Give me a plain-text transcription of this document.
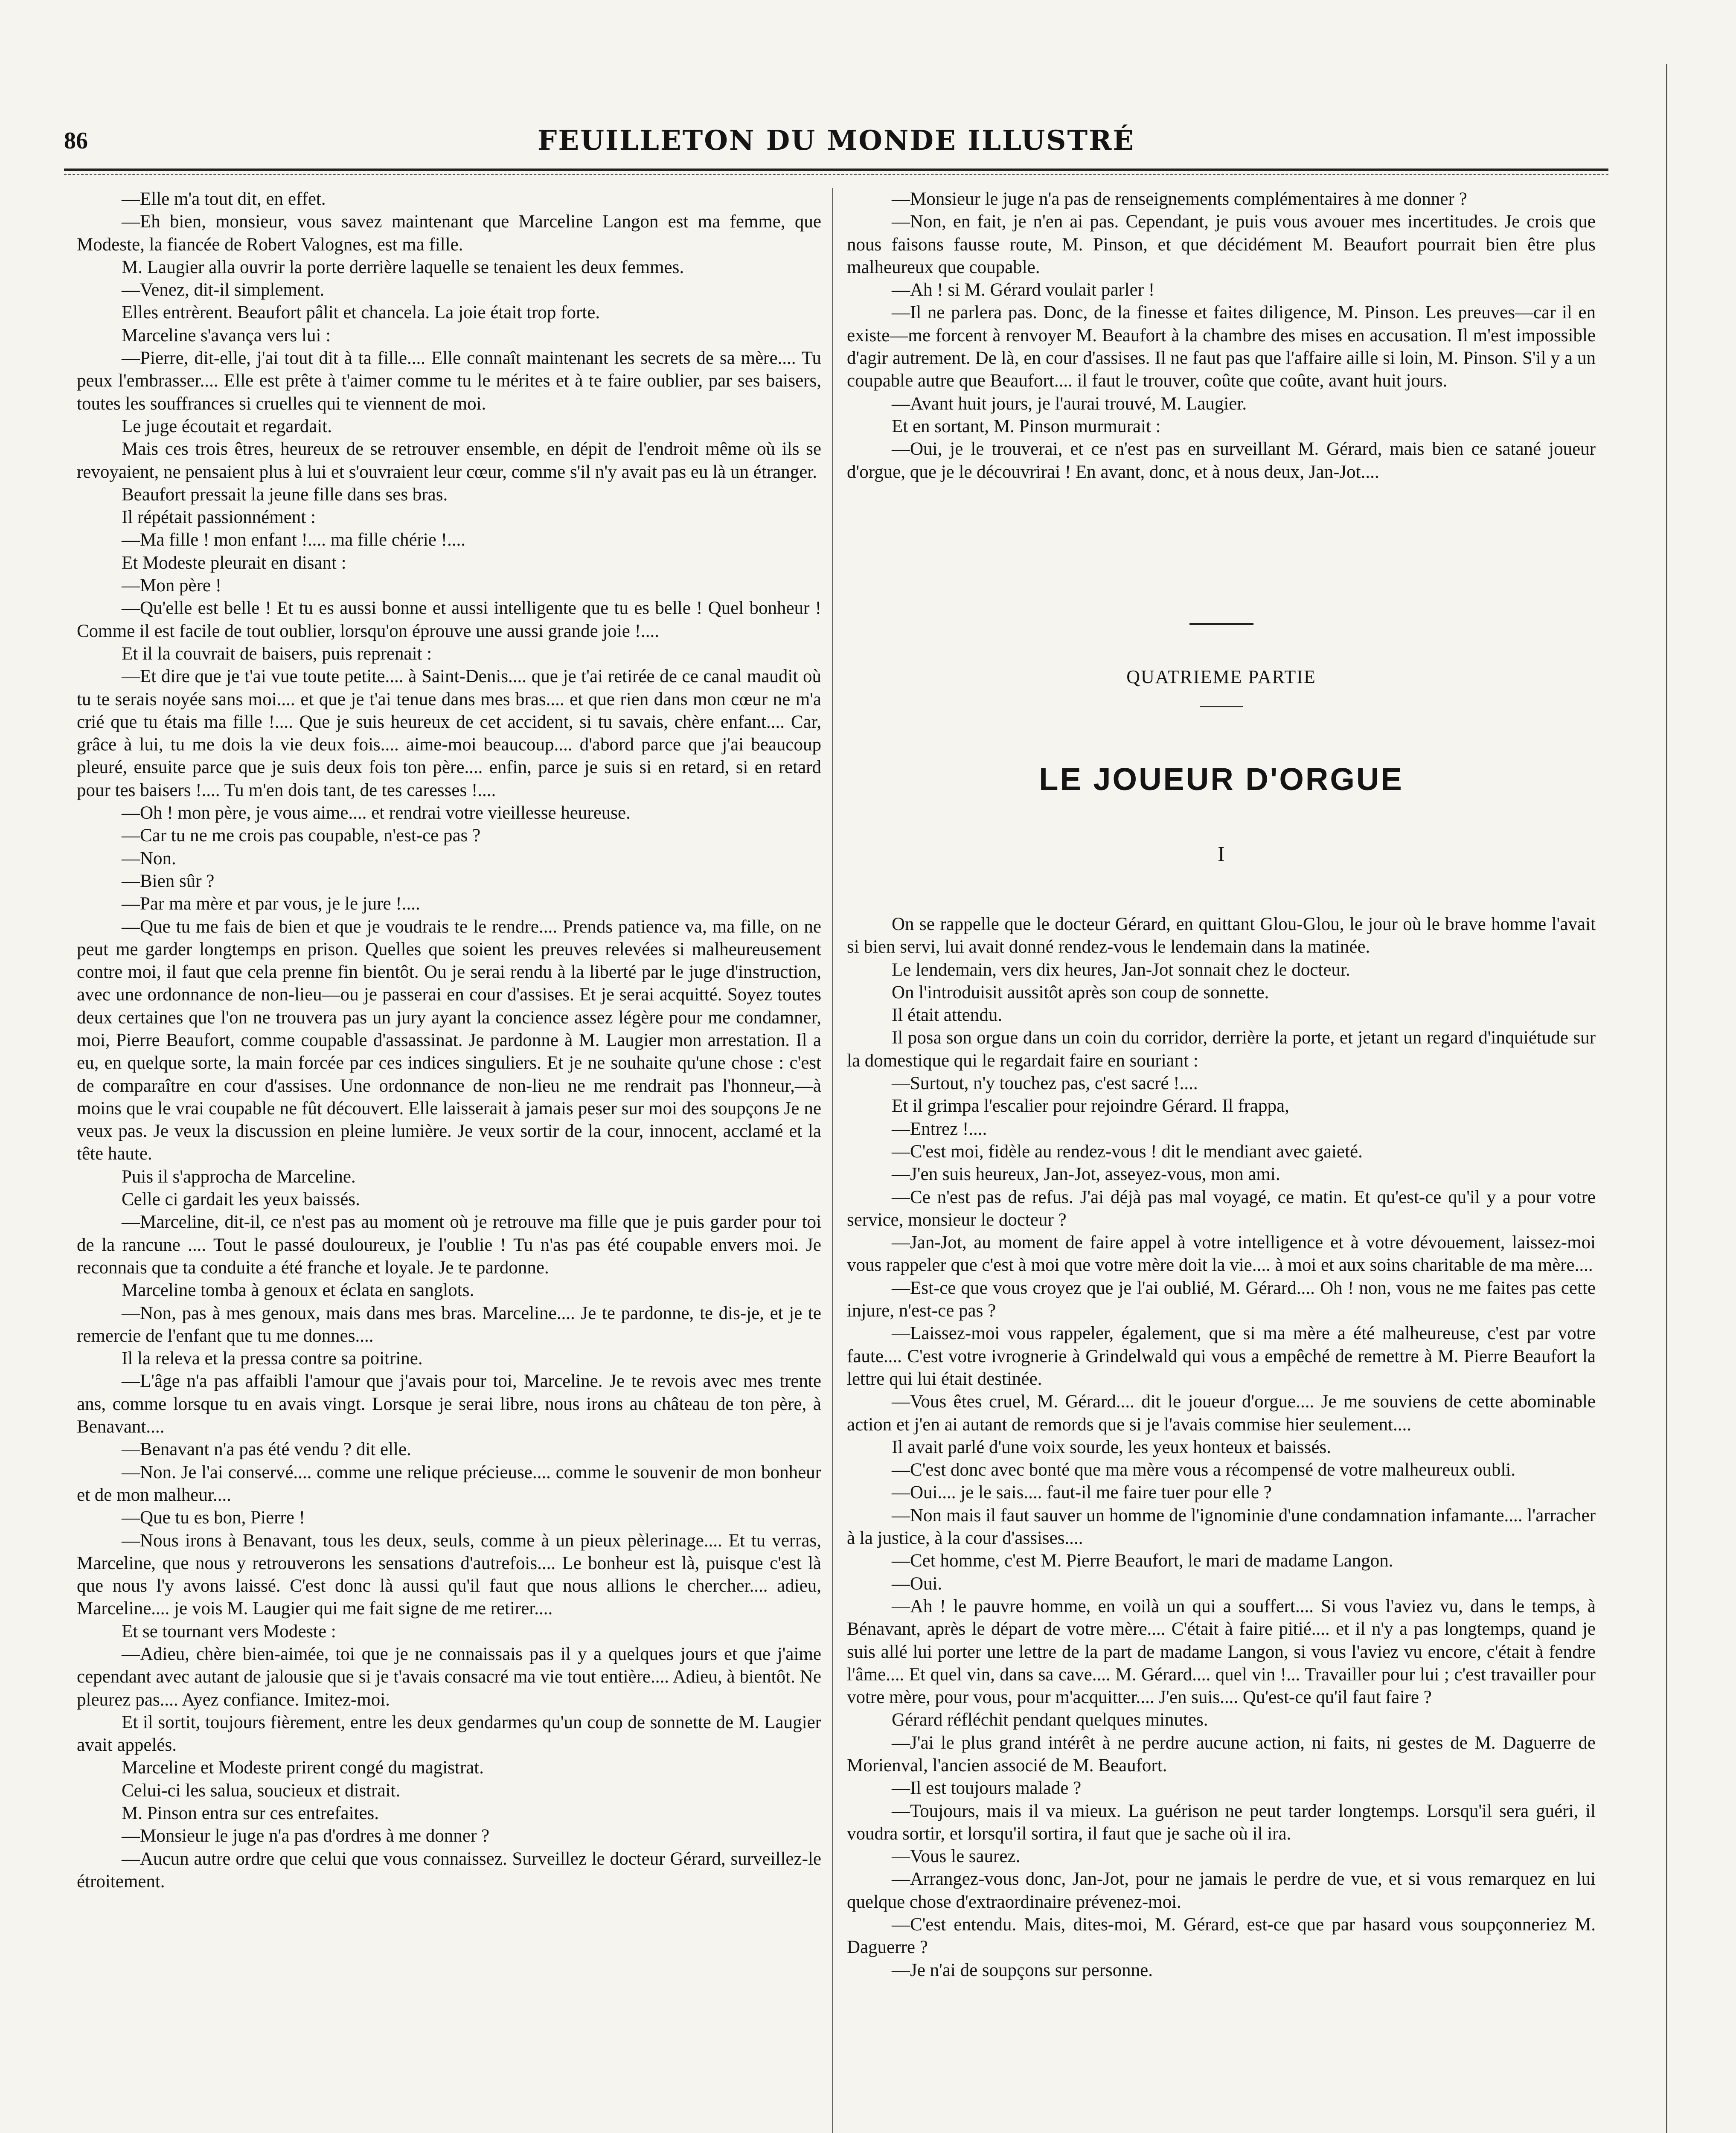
86	FEUILLETON DU MONDE ILLUSTRÉ

—Elle m'a tout dit, en effet.

—Eh bien, monsieur, vous savez maintenant que Marceline Langon est ma femme, que Modeste, la fiancée de Robert Valognes, est ma fille.

M. Laugier alla ouvrir la porte derrière laquelle se tenaient les deux femmes.

—Venez, dit-il simplement.

Elles entrèrent. Beaufort pâlit et chancela. La joie était trop forte.

Marceline s'avança vers lui :

—Pierre, dit-elle, j'ai tout dit à ta fille.... Elle connaît maintenant les secrets de sa mère.... Tu peux l'embrasser.... Elle est prête à t'aimer comme tu le mérites et à te faire oublier, par ses baisers, toutes les souffrances si cruelles qui te viennent de moi.

Le juge écoutait et regardait.

Mais ces trois êtres, heureux de se retrouver ensemble, en dépit de l'endroit même où ils se revoyaient, ne pensaient plus à lui et s'ouvraient leur cœur, comme s'il n'y avait pas eu là un étranger.

Beaufort pressait la jeune fille dans ses bras.

Il répétait passionnément :

—Ma fille ! mon enfant !.... ma fille chérie !....

Et Modeste pleurait en disant :

—Mon père !

—Qu'elle est belle ! Et tu es aussi bonne et aussi intelligente que tu es belle ! Quel bonheur ! Comme il est facile de tout oublier, lorsqu'on éprouve une aussi grande joie !....

Et il la couvrait de baisers, puis reprenait :

—Et dire que je t'ai vue toute petite.... à Saint-Denis.... que je t'ai retirée de ce canal maudit où tu te serais noyée sans moi.... et que je t'ai tenue dans mes bras.... et que rien dans mon cœur ne m'a crié que tu étais ma fille !.... Que je suis heureux de cet accident, si tu savais, chère enfant.... Car, grâce à lui, tu me dois la vie deux fois.... aime-moi beaucoup.... d'abord parce que j'ai beaucoup pleuré, ensuite parce que je suis deux fois ton père.... enfin, parce je suis si en retard, si en retard pour tes baisers !.... Tu m'en dois tant, de tes caresses !....

—Oh ! mon père, je vous aime.... et rendrai votre vieillesse heureuse.

—Car tu ne me crois pas coupable, n'est-ce pas ?

—Non.

—Bien sûr ?

—Par ma mère et par vous, je le jure !....

—Que tu me fais de bien et que je voudrais te le rendre.... Prends patience va, ma fille, on ne peut me garder longtemps en prison. Quelles que soient les preuves relevées si malheureusement contre moi, il faut que cela prenne fin bientôt. Ou je serai rendu à la liberté par le juge d'instruction, avec une ordonnance de non-lieu—ou je passerai en cour d'assises. Et je serai acquitté. Soyez toutes deux certaines que l'on ne trouvera pas un jury ayant la concience assez légère pour me condamner, moi, Pierre Beaufort, comme coupable d'assassinat. Je pardonne à M. Laugier mon arrestation. Il a eu, en quelque sorte, la main forcée par ces indices singuliers. Et je ne souhaite qu'une chose : c'est de comparaître en cour d'assises. Une ordonnance de non-lieu ne me rendrait pas l'honneur,—à moins que le vrai coupable ne fût découvert. Elle laisserait à jamais peser sur moi des soupçons Je ne veux pas. Je veux la discussion en pleine lumière. Je veux sortir de la cour, innocent, acclamé et la tête haute.

Puis il s'approcha de Marceline.

Celle ci gardait les yeux baissés.

—Marceline, dit-il, ce n'est pas au moment où je retrouve ma fille que je puis garder pour toi de la rancune .... Tout le passé douloureux, je l'oublie ! Tu n'as pas été coupable envers moi. Je reconnais que ta conduite a été franche et loyale. Je te pardonne.

Marceline tomba à genoux et éclata en sanglots.

—Non, pas à mes genoux, mais dans mes bras. Marceline.... Je te pardonne, te dis-je, et je te remercie de l'enfant que tu me donnes....

Il la releva et la pressa contre sa poitrine.

—L'âge n'a pas affaibli l'amour que j'avais pour toi, Marceline. Je te revois avec mes trente ans, comme lorsque tu en avais vingt. Lorsque je serai libre, nous irons au château de ton père, à Benavant....

—Benavant n'a pas été vendu ? dit elle.

—Non. Je l'ai conservé.... comme une relique précieuse.... comme le souvenir de mon bonheur et de mon malheur....

—Que tu es bon, Pierre !

—Nous irons à Benavant, tous les deux, seuls, comme à un pieux pèlerinage.... Et tu verras, Marceline, que nous y retrouverons les sensations d'autrefois.... Le bonheur est là, puisque c'est là que nous l'y avons laissé. C'est donc là aussi qu'il faut que nous allions le chercher.... adieu, Marceline.... je vois M. Laugier qui me fait signe de me retirer....

Et se tournant vers Modeste :

—Adieu, chère bien-aimée, toi que je ne connaissais pas il y a quelques jours et que j'aime cependant avec autant de jalousie que si je t'avais consacré ma vie tout entière.... Adieu, à bientôt. Ne pleurez pas.... Ayez confiance. Imitez-moi.

Et il sortit, toujours fièrement, entre les deux gendarmes qu'un coup de sonnette de M. Laugier avait appelés.

Marceline et Modeste prirent congé du magistrat.

Celui-ci les salua, soucieux et distrait.

M. Pinson entra sur ces entrefaites.

—Monsieur le juge n'a pas d'ordres à me donner ?

—Aucun autre ordre que celui que vous connaissez. Surveillez le docteur Gérard, surveillez-le étroitement.

—Monsieur le juge n'a pas de renseignements complémentaires à me donner ?

—Non, en fait, je n'en ai pas. Cependant, je puis vous avouer mes incertitudes. Je crois que nous faisons fausse route, M. Pinson, et que décidément M. Beaufort pourrait bien être plus malheureux que coupable.

—Ah ! si M. Gérard voulait parler !

—Il ne parlera pas. Donc, de la finesse et faites diligence, M. Pinson. Les preuves—car il en existe—me forcent à renvoyer M. Beaufort à la chambre des mises en accusation. Il m'est impossible d'agir autrement. De là, en cour d'assises. Il ne faut pas que l'affaire aille si loin, M. Pinson. S'il y a un coupable autre que Beaufort.... il faut le trouver, coûte que coûte, avant huit jours.

—Avant huit jours, je l'aurai trouvé, M. Laugier.

Et en sortant, M. Pinson murmurait :

—Oui, je le trouverai, et ce n'est pas en surveillant M. Gérard, mais bien ce satané joueur d'orgue, que je le découvrirai ! En avant, donc, et à nous deux, Jan-Jot....

QUATRIEME PARTIE
LE JOUEUR D'ORGUE
I

On se rappelle que le docteur Gérard, en quittant Glou-Glou, le jour où le brave homme l'avait si bien servi, lui avait donné rendez-vous le lendemain dans la matinée.

Le lendemain, vers dix heures, Jan-Jot sonnait chez le docteur.

On l'introduisit aussitôt après son coup de sonnette.

Il était attendu.

Il posa son orgue dans un coin du corridor, derrière la porte, et jetant un regard d'inquiétude sur la domestique qui le regardait faire en souriant :

—Surtout, n'y touchez pas, c'est sacré !....

Et il grimpa l'escalier pour rejoindre Gérard. Il frappa,

—Entrez !....

—C'est moi, fidèle au rendez-vous ! dit le mendiant avec gaieté.

—J'en suis heureux, Jan-Jot, asseyez-vous, mon ami.

—Ce n'est pas de refus. J'ai déjà pas mal voyagé, ce matin. Et qu'est-ce qu'il y a pour votre service, monsieur le docteur ?

—Jan-Jot, au moment de faire appel à votre intelligence et à votre dévouement, laissez-moi vous rappeler que c'est à moi que votre mère doit la vie.... à moi et aux soins charitable de ma mère....

—Est-ce que vous croyez que je l'ai oublié, M. Gérard.... Oh ! non, vous ne me faites pas cette injure, n'est-ce pas ?

—Laissez-moi vous rappeler, également, que si ma mère a été malheureuse, c'est par votre faute.... C'est votre ivrognerie à Grindelwald qui vous a empêché de remettre à M. Pierre Beaufort la lettre qui lui était destinée.

—Vous êtes cruel, M. Gérard.... dit le joueur d'orgue.... Je me souviens de cette abominable action et j'en ai autant de remords que si je l'avais commise hier seulement....

Il avait parlé d'une voix sourde, les yeux honteux et baissés.

—C'est donc avec bonté que ma mère vous a récompensé de votre malheureux oubli.

—Oui.... je le sais.... faut-il me faire tuer pour elle ?

—Non mais il faut sauver un homme de l'ignominie d'une condamnation infamante.... l'arracher à la justice, à la cour d'assises....

—Cet homme, c'est M. Pierre Beaufort, le mari de madame Langon.

—Oui.

—Ah ! le pauvre homme, en voilà un qui a souffert.... Si vous l'aviez vu, dans le temps, à Bénavant, après le départ de votre mère.... C'était à faire pitié.... et il n'y a pas longtemps, quand je suis allé lui porter une lettre de la part de madame Langon, si vous l'aviez vu encore, c'était à fendre l'âme.... Et quel vin, dans sa cave.... M. Gérard.... quel vin !... Travailler pour lui ; c'est travailler pour votre mère, pour vous, pour m'acquitter.... J'en suis.... Qu'est-ce qu'il faut faire ?

Gérard réfléchit pendant quelques minutes.

—J'ai le plus grand intérêt à ne perdre aucune action, ni faits, ni gestes de M. Daguerre de Morienval, l'ancien associé de M. Beaufort.

—Il est toujours malade ?

—Toujours, mais il va mieux. La guérison ne peut tarder longtemps. Lorsqu'il sera guéri, il voudra sortir, et lorsqu'il sortira, il faut que je sache où il ira.

—Vous le saurez.

—Arrangez-vous donc, Jan-Jot, pour ne jamais le perdre de vue, et si vous remarquez en lui quelque chose d'extraordinaire prévenez-moi.

—C'est entendu. Mais, dites-moi, M. Gérard, est-ce que par hasard vous soupçonneriez M. Daguerre ?

—Je n'ai de soupçons sur personne.
